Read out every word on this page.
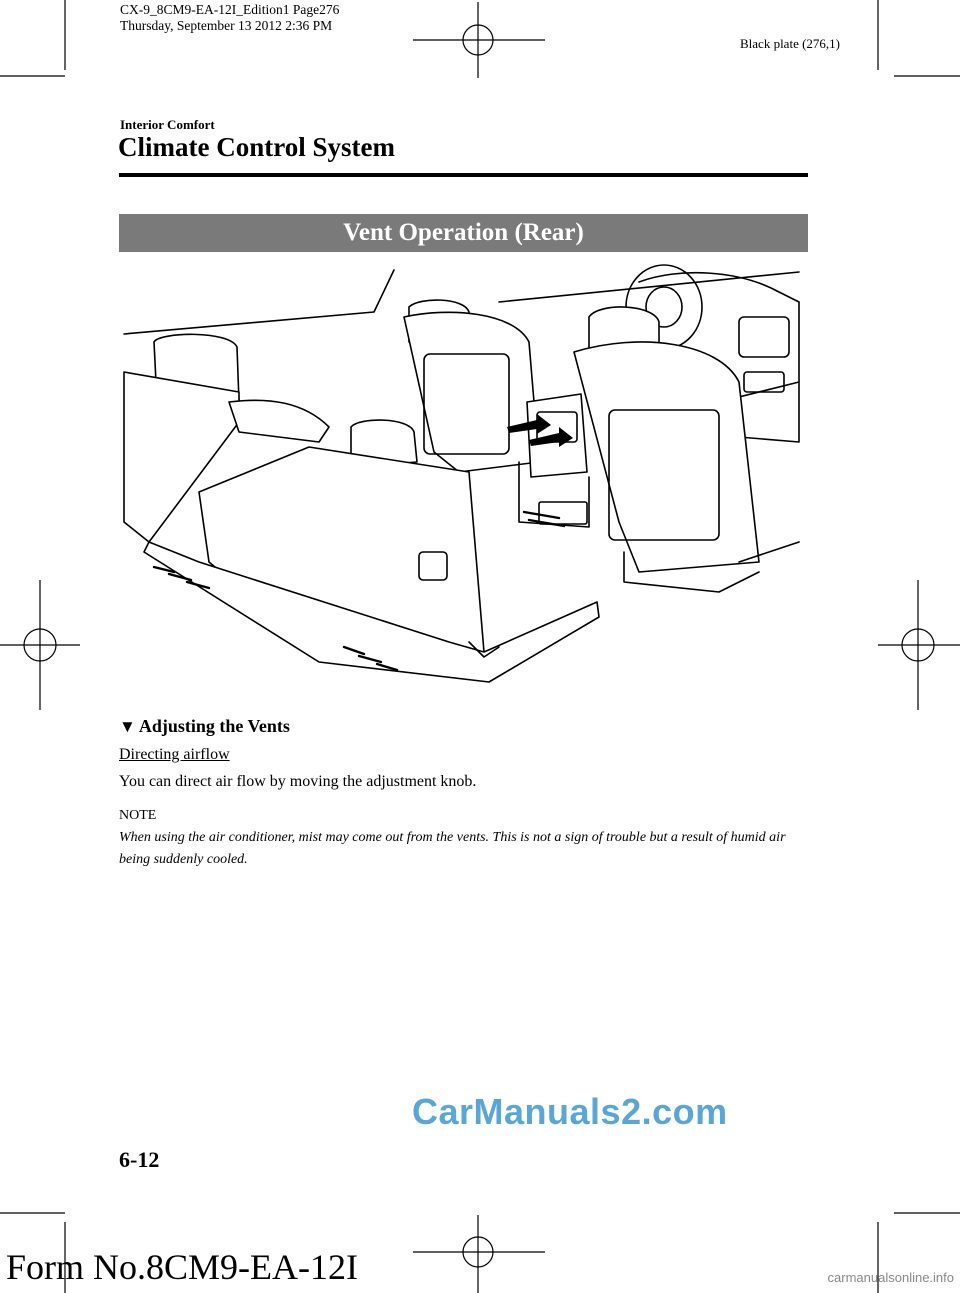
CX-9_8CM9-EA-12I_Edition1 Page276
Thursday, September 13 2012 2:36 PM
Black plate (276,1)
Interior Comfort
Climate Control System
Vent Operation (Rear)
▼ Adjusting the Vents
Directing airflow
You can direct air flow by moving the adjustment knob.
NOTE
When using the air conditioner, mist may come out from the vents. This is not a sign of trouble but a result of humid air being suddenly cooled.
CarManuals2.com
6-12
Form No.8CM9-EA-12I	carmanualsonline.info
